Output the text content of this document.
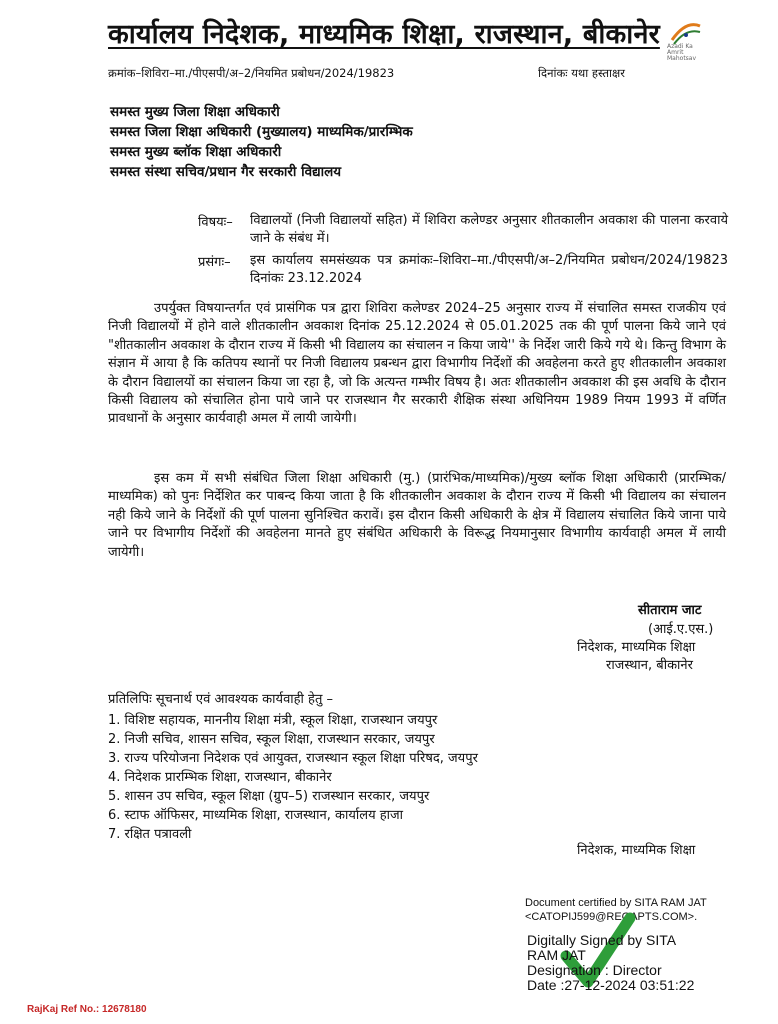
कार्यालय निदेशक, माध्यमिक शिक्षा, राजस्थान, बीकानेर Azadi Ka Amrit Mahotsav
क्रमांक–शिविरा–मा./पीएसपी/अ–2/नियमित प्रबोधन/2024/19823	दिनांकः यथा हस्ताक्षर
समस्त मुख्य जिला शिक्षा अधिकारी
समस्त जिला शिक्षा अधिकारी (मुख्यालय) माध्यमिक/प्रारम्भिक
समस्त मुख्य ब्लॉक शिक्षा अधिकारी
समस्त संस्था सचिव/प्रधान गैर सरकारी विद्यालय
विषयः– विद्यालयों (निजी विद्यालयों सहित) में शिविरा कलेण्डर अनुसार शीतकालीन अवकाश की पालना करवाये जाने के संबंध में।
प्रसंगः– इस कार्यालय समसंख्यक पत्र क्रमांकः–शिविरा–मा./पीएसपी/अ–2/नियमित प्रबोधन/2024/19823 दिनांकः 23.12.2024
उपर्युक्त विषयान्तर्गत एवं प्रासंगिक पत्र द्वारा शिविरा कलेण्डर 2024–25 अनुसार राज्य में संचालित समस्त राजकीय एवं निजी विद्यालयों में होने वाले शीतकालीन अवकाश दिनांक 25.12.2024 से 05.01.2025 तक की पूर्ण पालना किये जाने एवं "शीतकालीन अवकाश के दौरान राज्य में किसी भी विद्यालय का संचालन न किया जाये'' के निर्देश जारी किये गये थे। किन्तु विभाग के संज्ञान में आया है कि कतिपय स्थानों पर निजी विद्यालय प्रबन्धन द्वारा विभागीय निर्देशों की अवहेलना करते हुए शीतकालीन अवकाश के दौरान विद्यालयों का संचालन किया जा रहा है, जो कि अत्यन्त गम्भीर विषय है। अतः शीतकालीन अवकाश की इस अवधि के दौरान किसी विद्यालय को संचालित होना पाये जाने पर राजस्थान गैर सरकारी शैक्षिक संस्था अधिनियम 1989 नियम 1993 में वर्णित प्रावधानों के अनुसार कार्यवाही अमल में लायी जायेगी।
इस कम में सभी संबंधित जिला शिक्षा अधिकारी (मु.) (प्रारंभिक/माध्यमिक)/मुख्य ब्लॉक शिक्षा अधिकारी (प्रारम्भिक/माध्यमिक) को पुनः निर्देशित कर पाबन्द किया जाता है कि शीतकालीन अवकाश के दौरान राज्य में किसी भी विद्यालय का संचालन नही किये जाने के निर्देशों की पूर्ण पालना सुनिश्चित करावें। इस दौरान किसी अधिकारी के क्षेत्र में विद्यालय संचालित किये जाना पाये जाने पर विभागीय निर्देशों की अवहेलना मानते हुए संबंधित अधिकारी के विरूद्ध नियमानुसार विभागीय कार्यवाही अमल में लायी जायेगी।
सीताराम जाट
(आई.ए.एस.)
निदेशक, माध्यमिक शिक्षा
राजस्थान, बीकानेर
प्रतिलिपिः सूचनार्थ एवं आवश्यक कार्यवाही हेतु –
1. विशिष्ट सहायक, माननीय शिक्षा मंत्री, स्कूल शिक्षा, राजस्थान जयपुर
2. निजी सचिव, शासन सचिव, स्कूल शिक्षा, राजस्थान सरकार, जयपुर
3. राज्य परियोजना निदेशक एवं आयुक्त, राजस्थान स्कूल शिक्षा परिषद, जयपुर
4. निदेशक प्रारम्भिक शिक्षा, राजस्थान, बीकानेर
5. शासन उप सचिव, स्कूल शिक्षा (ग्रुप–5) राजस्थान सरकार, जयपुर
6. स्टाफ ऑफिसर, माध्यमिक शिक्षा, राजस्थान, कार्यालय हाजा
7. रक्षित पत्रावली
निदेशक, माध्यमिक शिक्षा
Document certified by SITA RAM JAT
<CATOPIJ599@REGAPTS.COM>.
Digitally Signed by SITA
RAM JAT
Designation : Director
Date :27-12-2024 03:51:22
RajKaj Ref No.: 12678180
